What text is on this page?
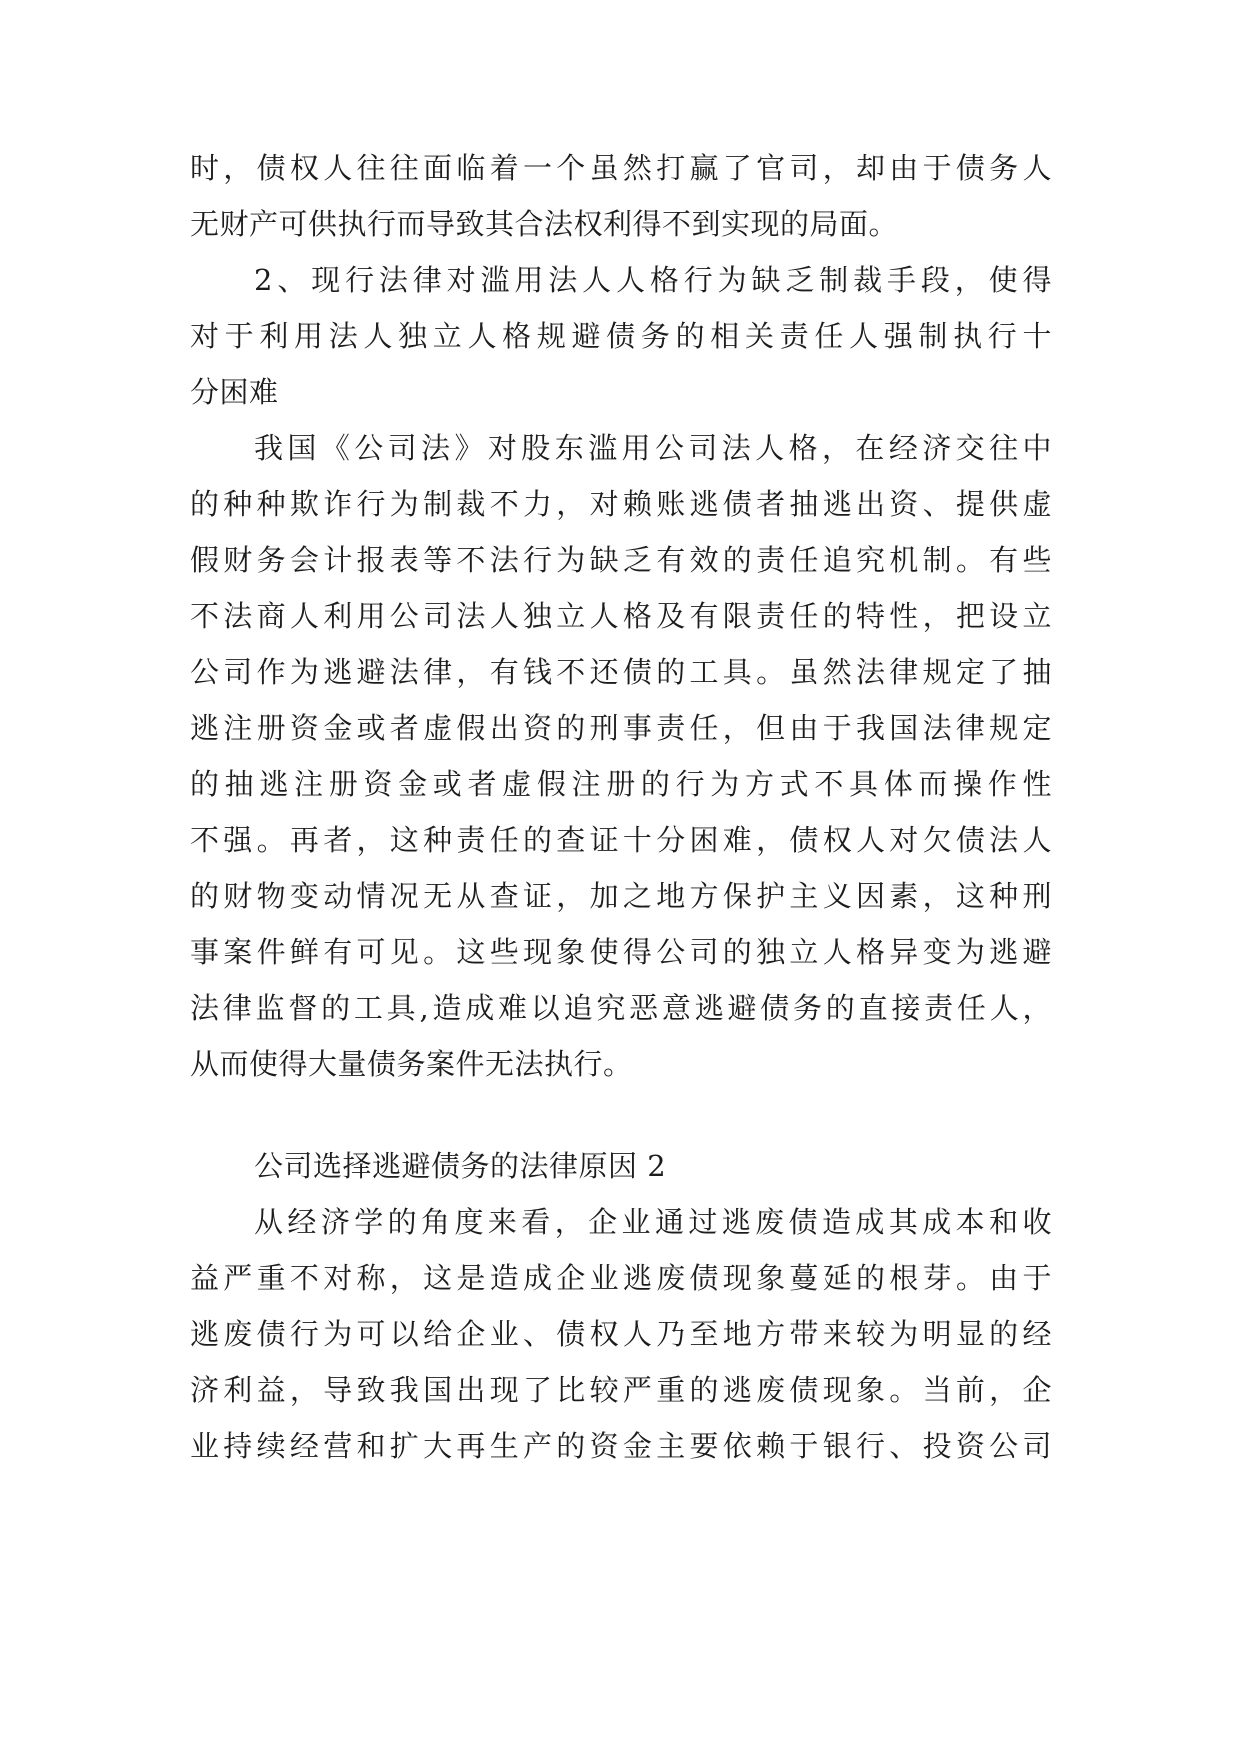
时，债权人往往面临着一个虽然打赢了官司，却由于债务人
无财产可供执行而导致其合法权利得不到实现的局面。
2、现行法律对滥用法人人格行为缺乏制裁手段，使得
对于利用法人独立人格规避债务的相关责任人强制执行十
分困难
我国《公司法》对股东滥用公司法人格，在经济交往中
的种种欺诈行为制裁不力，对赖账逃债者抽逃出资、提供虚
假财务会计报表等不法行为缺乏有效的责任追究机制。有些
不法商人利用公司法人独立人格及有限责任的特性，把设立
公司作为逃避法律，有钱不还债的工具。虽然法律规定了抽
逃注册资金或者虚假出资的刑事责任，但由于我国法律规定
的抽逃注册资金或者虚假注册的行为方式不具体而操作性
不强。再者，这种责任的查证十分困难，债权人对欠债法人
的财物变动情况无从查证，加之地方保护主义因素，这种刑
事案件鲜有可见。这些现象使得公司的独立人格异变为逃避
法律监督的工具,造成难以追究恶意逃避债务的直接责任人，
从而使得大量债务案件无法执行。
公司选择逃避债务的法律原因 2
从经济学的角度来看，企业通过逃废债造成其成本和收
益严重不对称，这是造成企业逃废债现象蔓延的根芽。由于
逃废债行为可以给企业、债权人乃至地方带来较为明显的经
济利益，导致我国出现了比较严重的逃废债现象。当前，企
业持续经营和扩大再生产的资金主要依赖于银行、投资公司
